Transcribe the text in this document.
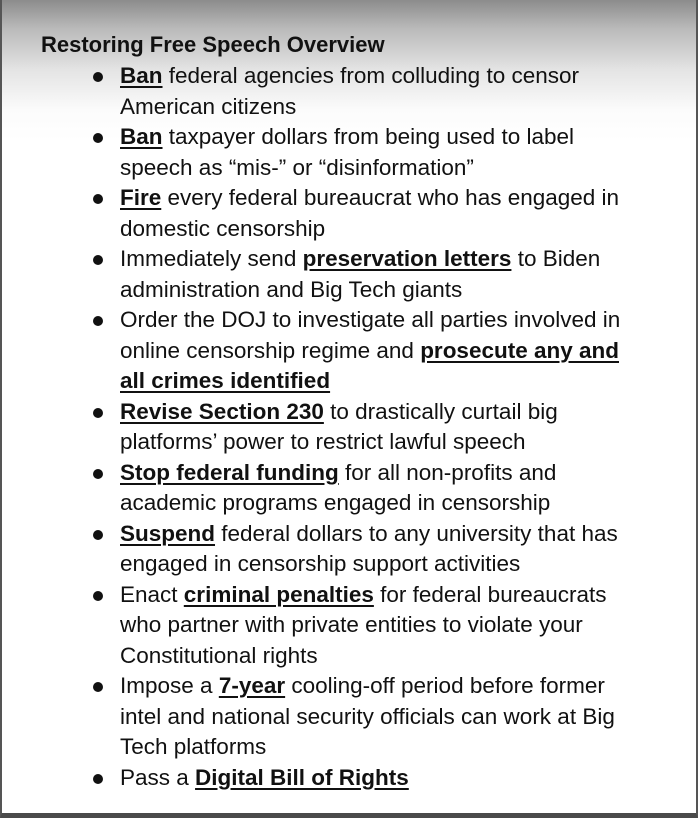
Restoring Free Speech Overview
Ban federal agencies from colluding to censor
American citizens
Ban taxpayer dollars from being used to label
speech as “mis-” or “disinformation”
Fire every federal bureaucrat who has engaged in
domestic censorship
Immediately send preservation letters to Biden
administration and Big Tech giants
Order the DOJ to investigate all parties involved in
online censorship regime and prosecute any and
all crimes identified
Revise Section 230 to drastically curtail big
platforms’ power to restrict lawful speech
Stop federal funding for all non-profits and
academic programs engaged in censorship
Suspend federal dollars to any university that has
engaged in censorship support activities
Enact criminal penalties for federal bureaucrats
who partner with private entities to violate your
Constitutional rights
Impose a 7-year cooling-off period before former
intel and national security officials can work at Big
Tech platforms
Pass a Digital Bill of Rights
